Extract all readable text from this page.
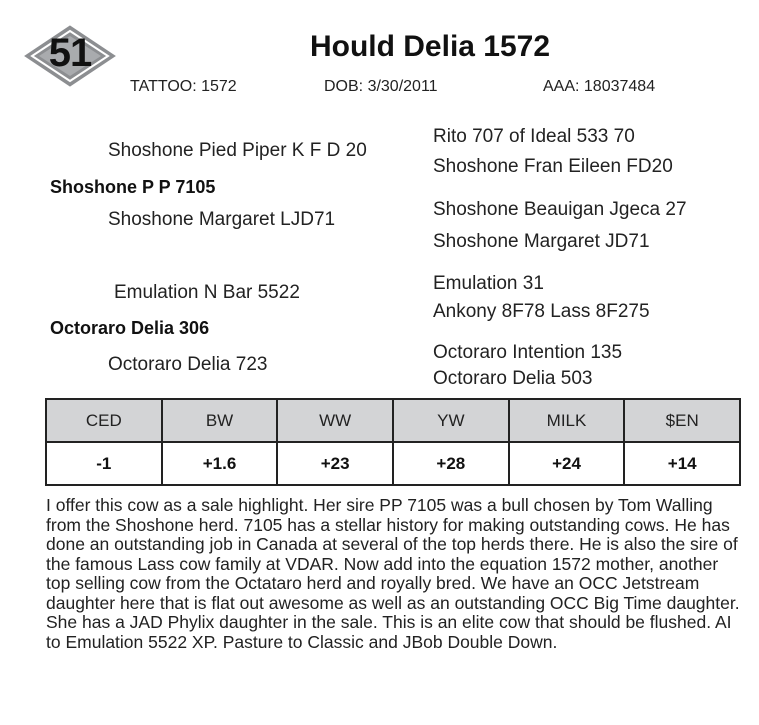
51	Hould Delia 1572
TATTOO: 1572	DOB: 3/30/2011	AAA: 18037484
Shoshone Pied Piper K F D 20
Shoshone P P 7105
Shoshone Margaret LJD71
Rito 707 of Ideal 533 70
Shoshone Fran Eileen FD20
Shoshone Beauigan Jgeca 27
Shoshone Margaret JD71
Emulation N Bar 5522
Octoraro Delia 306
Octoraro Delia 723
Emulation 31
Ankony 8F78 Lass 8F275
Octoraro Intention 135
Octoraro Delia 503
CED	BW	WW	YW	MILK	$EN
-1	+1.6	+23	+28	+24	+14
I offer this cow as a sale highlight. Her sire PP 7105 was a bull chosen by Tom Walling from the Shoshone herd. 7105 has a stellar history for making outstanding cows. He has done an outstanding job in Canada at several of the top herds there. He is also the sire of the famous Lass cow family at VDAR. Now add into the equation 1572 mother, another top selling cow from the Octataro herd and royally bred. We have an OCC Jetstream daughter here that is flat out awesome as well as an outstanding OCC Big Time daughter. She has a JAD Phylix daughter in the sale. This is an elite cow that should be flushed. AI to Emulation 5522 XP. Pasture to Classic and JBob Double Down.
